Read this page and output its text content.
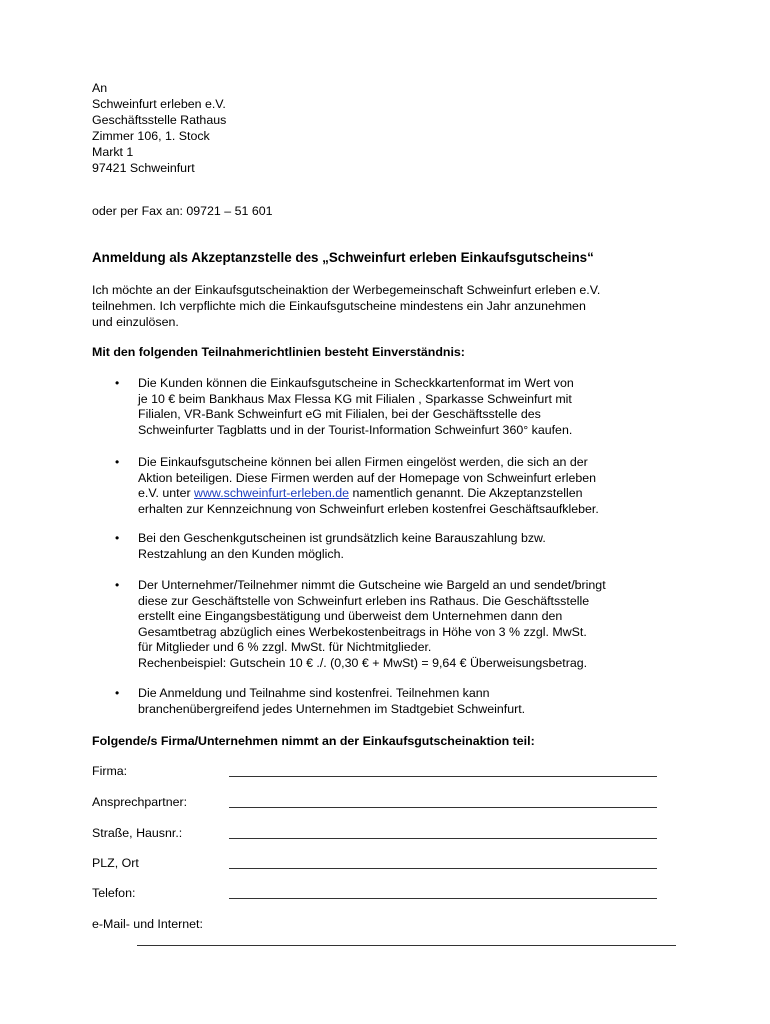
An
Schweinfurt erleben e.V.
Geschäftsstelle Rathaus
Zimmer 106, 1. Stock
Markt 1
97421 Schweinfurt
oder per Fax an: 09721 – 51 601
Anmeldung als Akzeptanzstelle des „Schweinfurt erleben Einkaufsgutscheins“
Ich möchte an der Einkaufsgutscheinaktion der Werbegemeinschaft Schweinfurt erleben e.V.
teilnehmen. Ich verpflichte mich die Einkaufsgutscheine mindestens ein Jahr anzunehmen
und einzulösen.
Mit den folgenden Teilnahmerichtlinien besteht Einverständnis:
• Die Kunden können die Einkaufsgutscheine in Scheckkartenformat im Wert von
je 10 € beim Bankhaus Max Flessa KG mit Filialen , Sparkasse Schweinfurt mit
Filialen, VR-Bank Schweinfurt eG mit Filialen, bei der Geschäftsstelle des
Schweinfurter Tagblatts und in der Tourist-Information Schweinfurt 360° kaufen.
• Die Einkaufsgutscheine können bei allen Firmen eingelöst werden, die sich an der
Aktion beteiligen. Diese Firmen werden auf der Homepage von Schweinfurt erleben
e.V. unter www.schweinfurt-erleben.de namentlich genannt. Die Akzeptanzstellen
erhalten zur Kennzeichnung von Schweinfurt erleben kostenfrei Geschäftsaufkleber.
• Bei den Geschenkgutscheinen ist grundsätzlich keine Barauszahlung bzw.
Restzahlung an den Kunden möglich.
• Der Unternehmer/Teilnehmer nimmt die Gutscheine wie Bargeld an und sendet/bringt
diese zur Geschäftstelle von Schweinfurt erleben ins Rathaus. Die Geschäftsstelle
erstellt eine Eingangsbestätigung und überweist dem Unternehmen dann den
Gesamtbetrag abzüglich eines Werbekostenbeitrags in Höhe von 3 % zzgl. MwSt.
für Mitglieder und 6 % zzgl. MwSt. für Nichtmitglieder.
Rechenbeispiel: Gutschein 10 € ./. (0,30 € + MwSt) = 9,64 € Überweisungsbetrag.
• Die Anmeldung und Teilnahme sind kostenfrei. Teilnehmen kann
branchenübergreifend jedes Unternehmen im Stadtgebiet Schweinfurt.
Folgende/s Firma/Unternehmen nimmt an der Einkaufsgutscheinaktion teil:
Firma:
Ansprechpartner:
Straße, Hausnr.:
PLZ, Ort
Telefon:
e-Mail- und Internet:
